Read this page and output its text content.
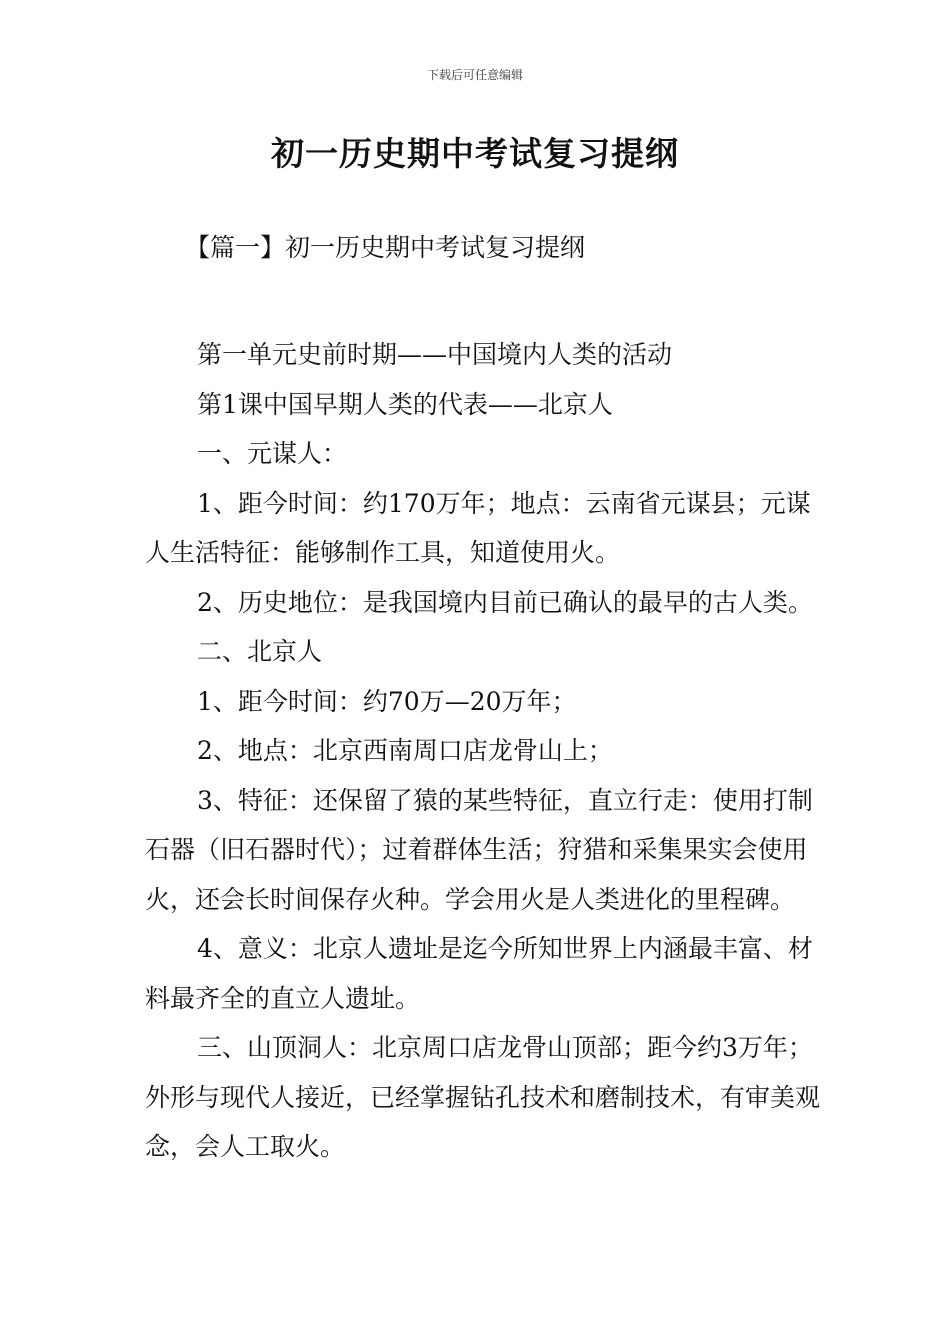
下载后可任意编辑
初一历史期中考试复习提纲
【篇一】初一历史期中考试复习提纲

第一单元史前时期——中国境内人类的活动

第1课中国早期人类的代表——北京人

一、元谋人：

1、距今时间：约170万年；地点：云南省元谋县；元谋人生活特征：能够制作工具，知道使用火。

2、历史地位：是我国境内目前已确认的最早的古人类。

二、北京人

1、距今时间：约70万—20万年；

2、地点：北京西南周口店龙骨山上；

3、特征：还保留了猿的某些特征，直立行走：使用打制石器（旧石器时代）；过着群体生活；狩猎和采集果实会使用火，还会长时间保存火种。学会用火是人类进化的里程碑。

4、意义：北京人遗址是迄今所知世界上内涵最丰富、材料最齐全的直立人遗址。

三、山顶洞人：北京周口店龙骨山顶部；距今约3万年；外形与现代人接近，已经掌握钻孔技术和磨制技术，有审美观念，会人工取火。
